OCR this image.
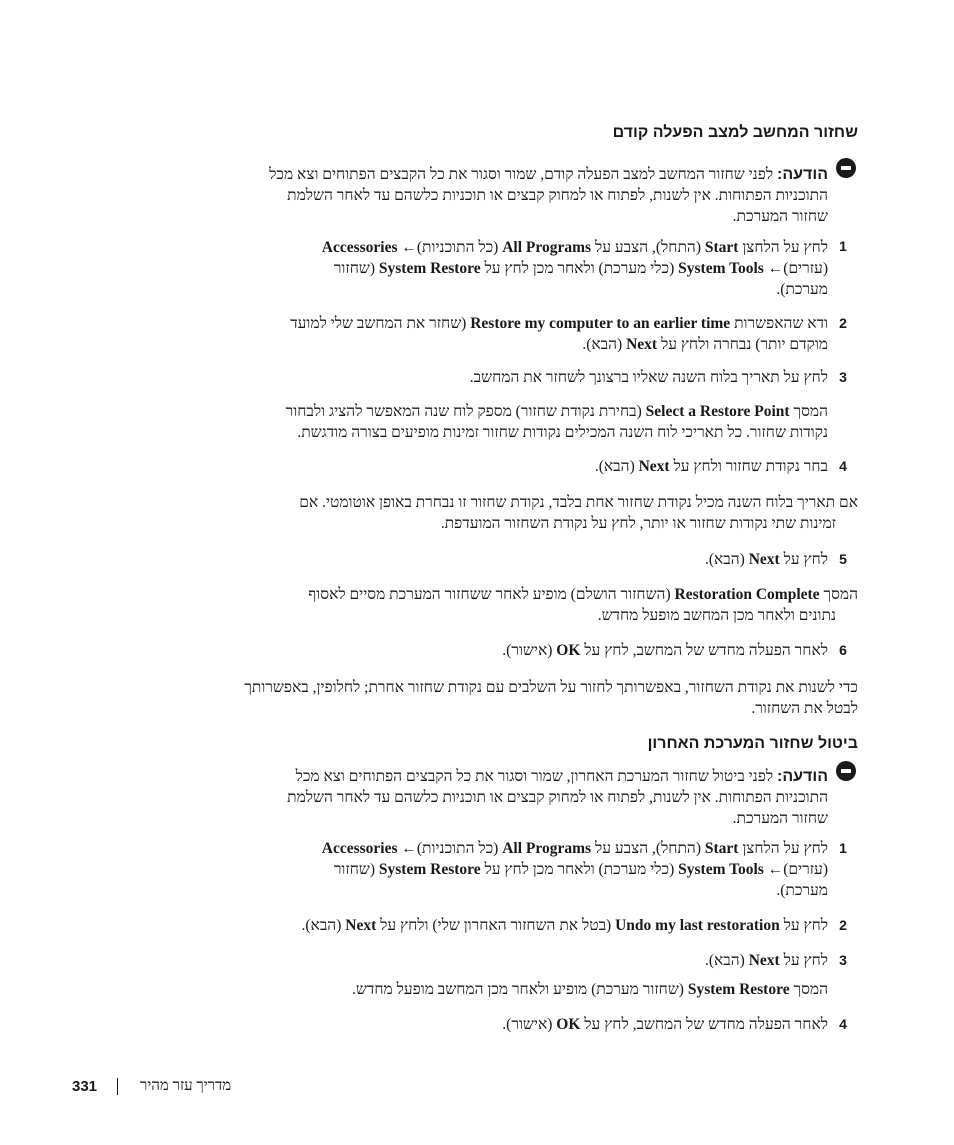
שחזור המחשב למצב הפעלה קודם
הודעה: לפני שחזור המחשב למצב הפעלה קודם, שמור וסגור את כל הקבצים הפתוחים וצא מכל
התוכניות הפתוחות. אין לשנות, לפתוח או למחוק קבצים או תוכניות כלשהם עד לאחר השלמת
שחזור המערכת.
1
לחץ על הלחצן Start (התחל), הצבע על All Programs (כל התוכניות)← Accessories
(עזרים)← System Tools (כלי מערכת) ולאחר מכן לחץ על System Restore (שחזור
מערכת).
2
ודא שהאפשרות Restore my computer to an earlier time (שחזר את המחשב שלי למועד
מוקדם יותר) נבחרה ולחץ על Next (הבא).
3
לחץ על תאריך בלוח השנה שאליו ברצונך לשחזר את המחשב.
המסך Select a Restore Point (בחירת נקודת שחזור) מספק לוח שנה המאפשר להציג ולבחור
נקודות שחזור. כל תאריכי לוח השנה המכילים נקודות שחזור זמינות מופיעים בצורה מודגשת.
4
בחר נקודת שחזור ולחץ על Next (הבא).
אם תאריך בלוח השנה מכיל נקודת שחזור אחת בלבד, נקודת שחזור זו נבחרת באופן אוטומטי. אם
זמינות שתי נקודות שחזור או יותר, לחץ על נקודת השחזור המועדפת.
5
לחץ על Next (הבא).
המסך Restoration Complete (השחזור הושלם) מופיע לאחר ששחזור המערכת מסיים לאסוף
נתונים ולאחר מכן המחשב מופעל מחדש.
6
לאחר הפעלה מחדש של המחשב, לחץ על OK (אישור).
כדי לשנות את נקודת השחזור, באפשרותך לחזור על השלבים עם נקודת שחזור אחרת; לחלופין, באפשרותך
לבטל את השחזור.
ביטול שחזור המערכת האחרון
הודעה: לפני ביטול שחזור המערכת האחרון, שמור וסגור את כל הקבצים הפתוחים וצא מכל
התוכניות הפתוחות. אין לשנות, לפתוח או למחוק קבצים או תוכניות כלשהם עד לאחר השלמת
שחזור המערכת.
1
לחץ על הלחצן Start (התחל), הצבע על All Programs (כל התוכניות)← Accessories
(עזרים)← System Tools (כלי מערכת) ולאחר מכן לחץ על System Restore (שחזור
מערכת).
2
לחץ על Undo my last restoration (בטל את השחזור האחרון שלי) ולחץ על Next (הבא).
3
לחץ על Next (הבא).
המסך System Restore (שחזור מערכת) מופיע ולאחר מכן המחשב מופעל מחדש.
4
לאחר הפעלה מחדש של המחשב, לחץ על OK (אישור).
331	מדריך עזר מהיר
